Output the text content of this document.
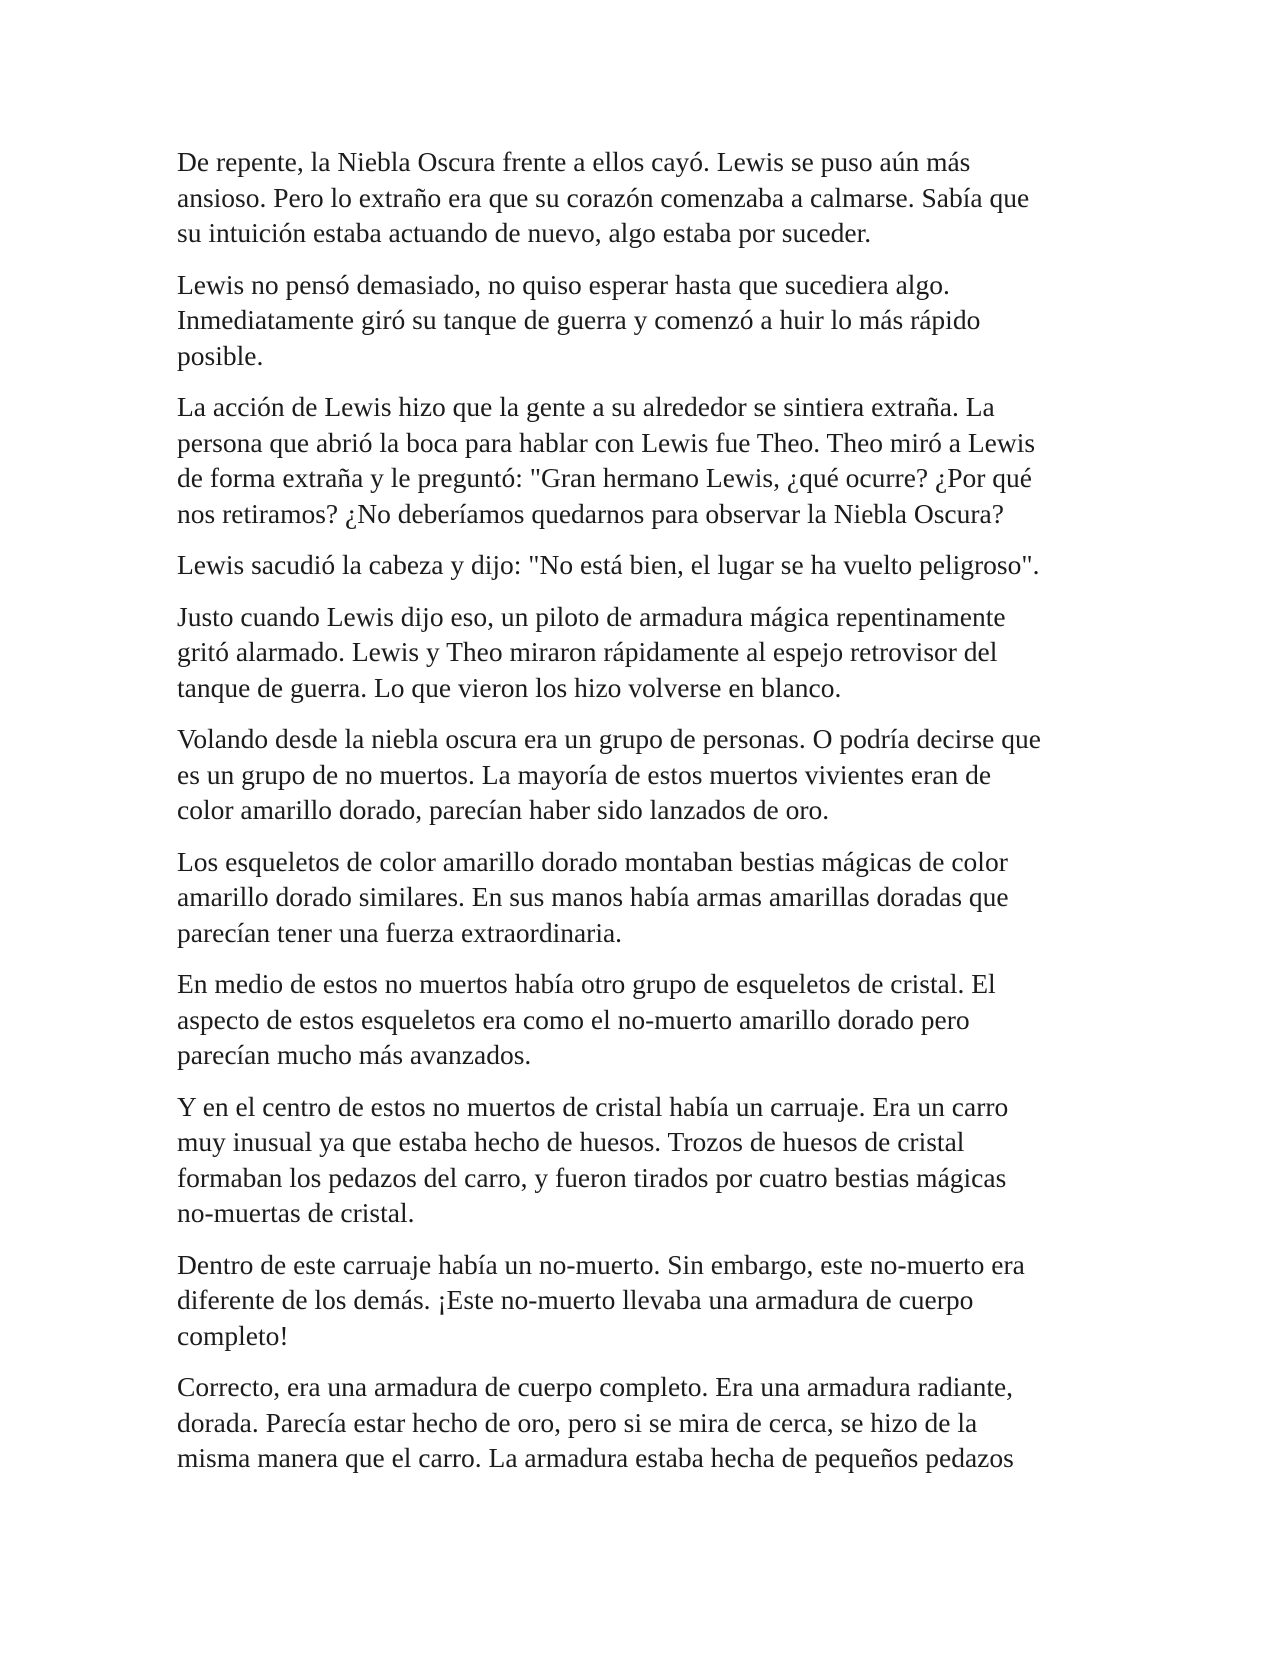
De repente, la Niebla Oscura frente a ellos cayó. Lewis se puso aún más
ansioso. Pero lo extraño era que su corazón comenzaba a calmarse. Sabía que
su intuición estaba actuando de nuevo, algo estaba por suceder.

Lewis no pensó demasiado, no quiso esperar hasta que sucediera algo.
Inmediatamente giró su tanque de guerra y comenzó a huir lo más rápido
posible.

La acción de Lewis hizo que la gente a su alrededor se sintiera extraña. La
persona que abrió la boca para hablar con Lewis fue Theo. Theo miró a Lewis
de forma extraña y le preguntó: "Gran hermano Lewis, ¿qué ocurre? ¿Por qué
nos retiramos? ¿No deberíamos quedarnos para observar la Niebla Oscura?

Lewis sacudió la cabeza y dijo: "No está bien, el lugar se ha vuelto peligroso".

Justo cuando Lewis dijo eso, un piloto de armadura mágica repentinamente
gritó alarmado. Lewis y Theo miraron rápidamente al espejo retrovisor del
tanque de guerra. Lo que vieron los hizo volverse en blanco.

Volando desde la niebla oscura era un grupo de personas. O podría decirse que
es un grupo de no muertos. La mayoría de estos muertos vivientes eran de
color amarillo dorado, parecían haber sido lanzados de oro.

Los esqueletos de color amarillo dorado montaban bestias mágicas de color
amarillo dorado similares. En sus manos había armas amarillas doradas que
parecían tener una fuerza extraordinaria.

En medio de estos no muertos había otro grupo de esqueletos de cristal. El
aspecto de estos esqueletos era como el no-muerto amarillo dorado pero
parecían mucho más avanzados.

Y en el centro de estos no muertos de cristal había un carruaje. Era un carro
muy inusual ya que estaba hecho de huesos. Trozos de huesos de cristal
formaban los pedazos del carro, y fueron tirados por cuatro bestias mágicas
no-muertas de cristal.

Dentro de este carruaje había un no-muerto. Sin embargo, este no-muerto era
diferente de los demás. ¡Este no-muerto llevaba una armadura de cuerpo
completo!

Correcto, era una armadura de cuerpo completo. Era una armadura radiante,
dorada. Parecía estar hecho de oro, pero si se mira de cerca, se hizo de la
misma manera que el carro. La armadura estaba hecha de pequeños pedazos
